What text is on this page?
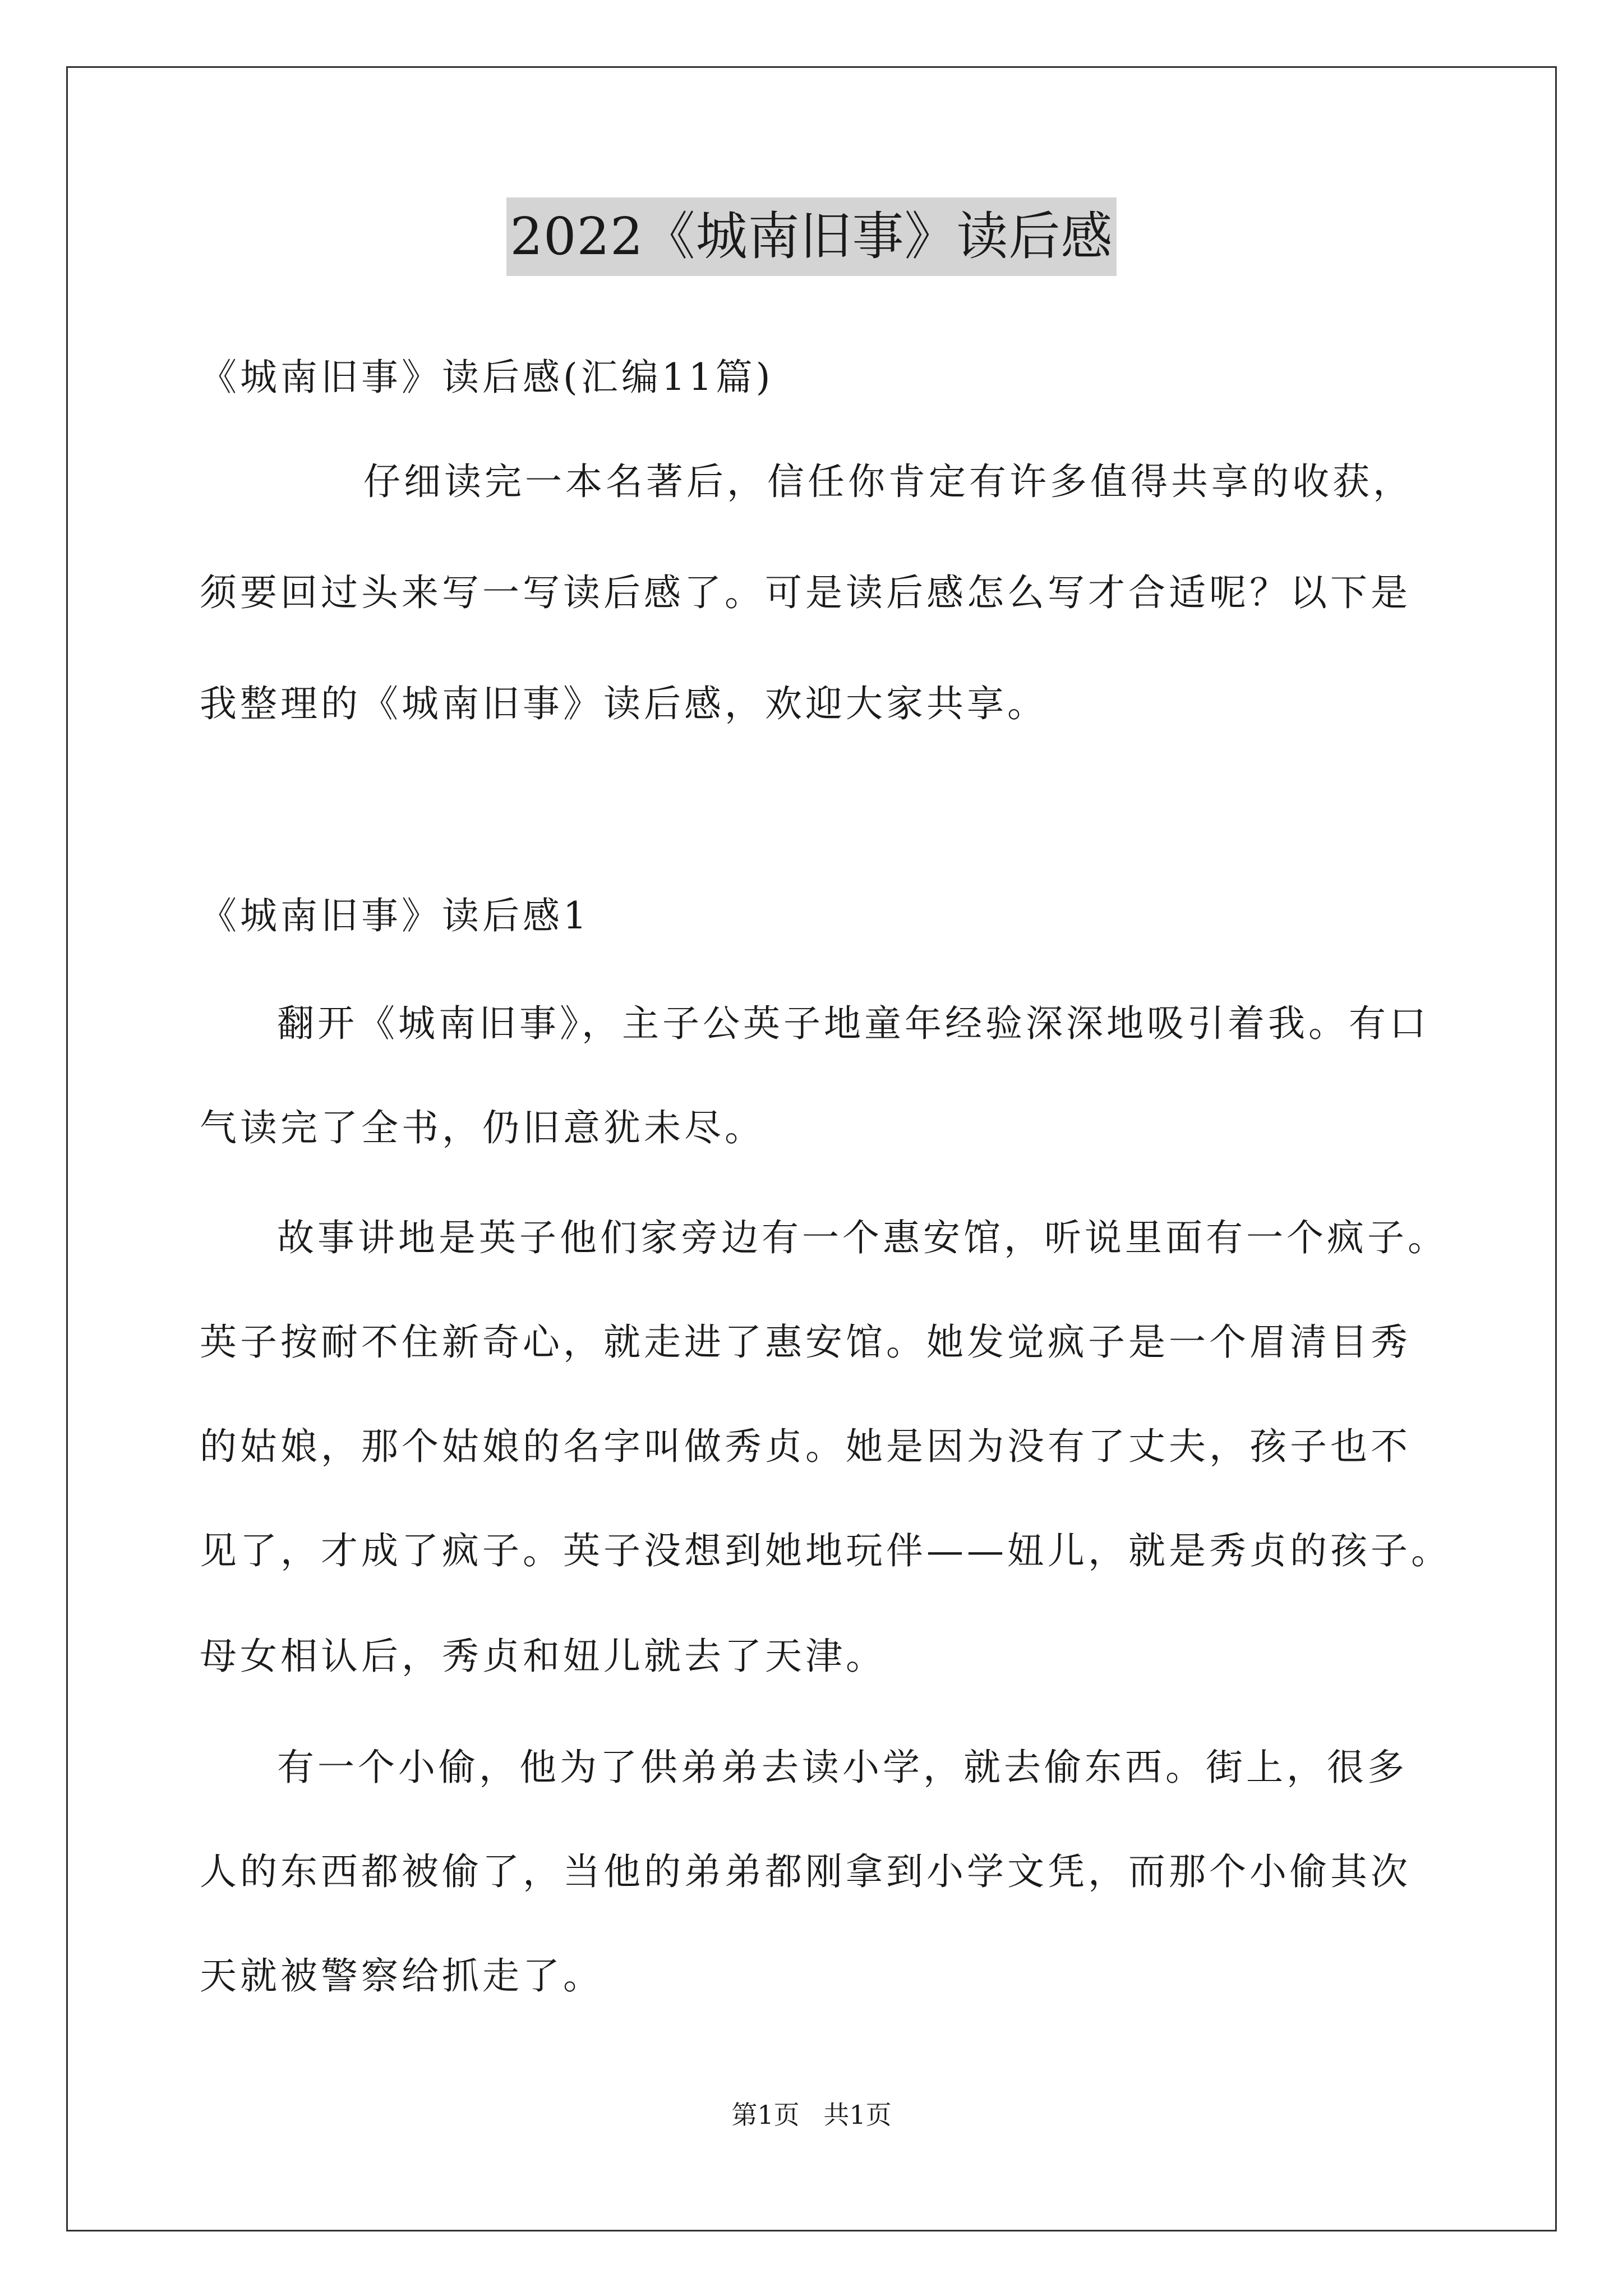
2022《城南旧事》读后感
《城南旧事》读后感(汇编11篇)
仔细读完一本名著后，信任你肯定有许多值得共享的收获，
须要回过头来写一写读后感了。可是读后感怎么写才合适呢？以下是
我整理的《城南旧事》读后感，欢迎大家共享。
《城南旧事》读后感1
翻开《城南旧事》，主子公英子地童年经验深深地吸引着我。有口
气读完了全书，仍旧意犹未尽。
故事讲地是英子他们家旁边有一个惠安馆，听说里面有一个疯子。
英子按耐不住新奇心，就走进了惠安馆。她发觉疯子是一个眉清目秀
的姑娘，那个姑娘的名字叫做秀贞。她是因为没有了丈夫，孩子也不
见了，才成了疯子。英子没想到她地玩伴——妞儿，就是秀贞的孩子。
母女相认后，秀贞和妞儿就去了天津。
有一个小偷，他为了供弟弟去读小学，就去偷东西。街上，很多
人的东西都被偷了，当他的弟弟都刚拿到小学文凭，而那个小偷其次
天就被警察给抓走了。
第1页 共1页
